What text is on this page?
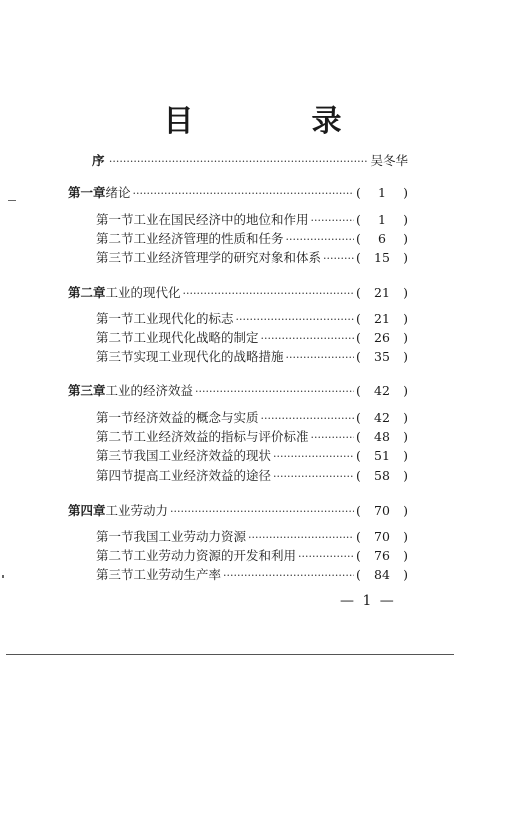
目　录
序 ·····	吴冬华
第一章 绪论 ·····	(	1	)
第一节 工业在国民经济中的地位和作用 ·····	(	1	)
第二节 工业经济管理的性质和任务 ·····	(	6	)
第三节 工业经济管理学的研究对象和体系 ·····	(	15	)
第二章 工业的现代化 ·····	(	21	)
第一节 工业现代化的标志 ·····	(	21	)
第二节 工业现代化战略的制定 ·····	(	26	)
第三节 实现工业现代化的战略措施 ·····	(	35	)
第三章 工业的经济效益 ·····	(	42	)
第一节 经济效益的概念与实质 ·····	(	42	)
第二节 工业经济效益的指标与评价标准 ·····	(	48	)
第三节 我国工业经济效益的现状 ·····	(	51	)
第四节 提高工业经济效益的途径 ·····	(	58	)
第四章 工业劳动力 ·····	(	70	)
第一节 我国工业劳动力资源 ·····	(	70	)
第二节 工业劳动力资源的开发和利用 ·····	(	76	)
第三节 工业劳动生产率 ·····	(	84	)
— 1 —
